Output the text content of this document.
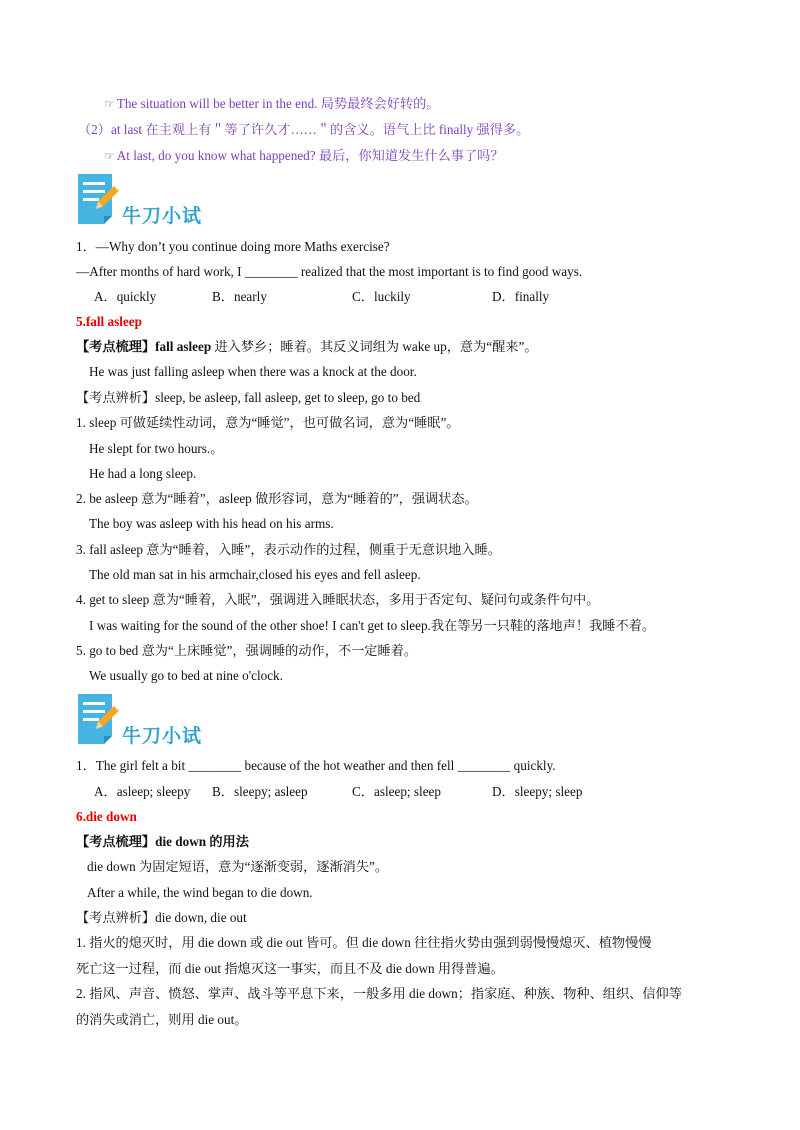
☞ The situation will be better in the end. 局势最终会好转的。
（2）at last 在主观上有＂等了许久才……＂的含义。语气上比 finally 强得多。
☞ At last, do you know what happened? 最后，你知道发生什么事了吗？
牛刀小试
1．—Why don’t you continue doing more Maths exercise?
—After months of hard work, I ________ realized that the most important is to find good ways.
A．quickly	B．nearly	C．luckily	D．finally
5.fall asleep
【考点梳理】fall asleep 进入梦乡；睡着。其反义词组为 wake up，意为“醒来”。
He was just falling asleep when there was a knock at the door.
【考点辨析】sleep, be asleep, fall asleep, get to sleep, go to bed
1. sleep 可做延续性动词，意为“睡觉”，也可做名词，意为“睡眠”。
He slept for two hours.。
He had a long sleep.
2. be asleep 意为“睡着”，asleep 做形容词，意为“睡着的”，强调状态。
The boy was asleep with his head on his arms.
3. fall asleep 意为“睡着，入睡”，表示动作的过程，侧重于无意识地入睡。
The old man sat in his armchair,closed his eyes and fell asleep.
4. get to sleep 意为“睡着，入眠”，强调进入睡眠状态，多用于否定句、疑问句或条件句中。
I was waiting for the sound of the other shoe! I can't get to sleep.我在等另一只鞋的落地声！我睡不着。
5. go to bed 意为“上床睡觉”，强调睡的动作，不一定睡着。
We usually go to bed at nine o'clock.
牛刀小试
1．The girl felt a bit ________ because of the hot weather and then fell ________ quickly.
A．asleep; sleepy B．sleepy; asleep	C．asleep; sleep	D．sleepy; sleep
6.die down
【考点梳理】die down 的用法
die down 为固定短语，意为“逐渐变弱，逐渐消失”。
After a while, the wind began to die down.
【考点辨析】die down, die out
1. 指火的熄灭时，用 die down 或 die out 皆可。但 die down 往往指火势由强到弱慢慢熄灭、植物慢慢
死亡这一过程，而 die out 指熄灭这一事实，而且不及 die down 用得普遍。
2. 指风、声音、愤怒、掌声、战斗等平息下来，一般多用 die down；指家庭、种族、物种、组织、信仰等
的消失或消亡，则用 die out。
